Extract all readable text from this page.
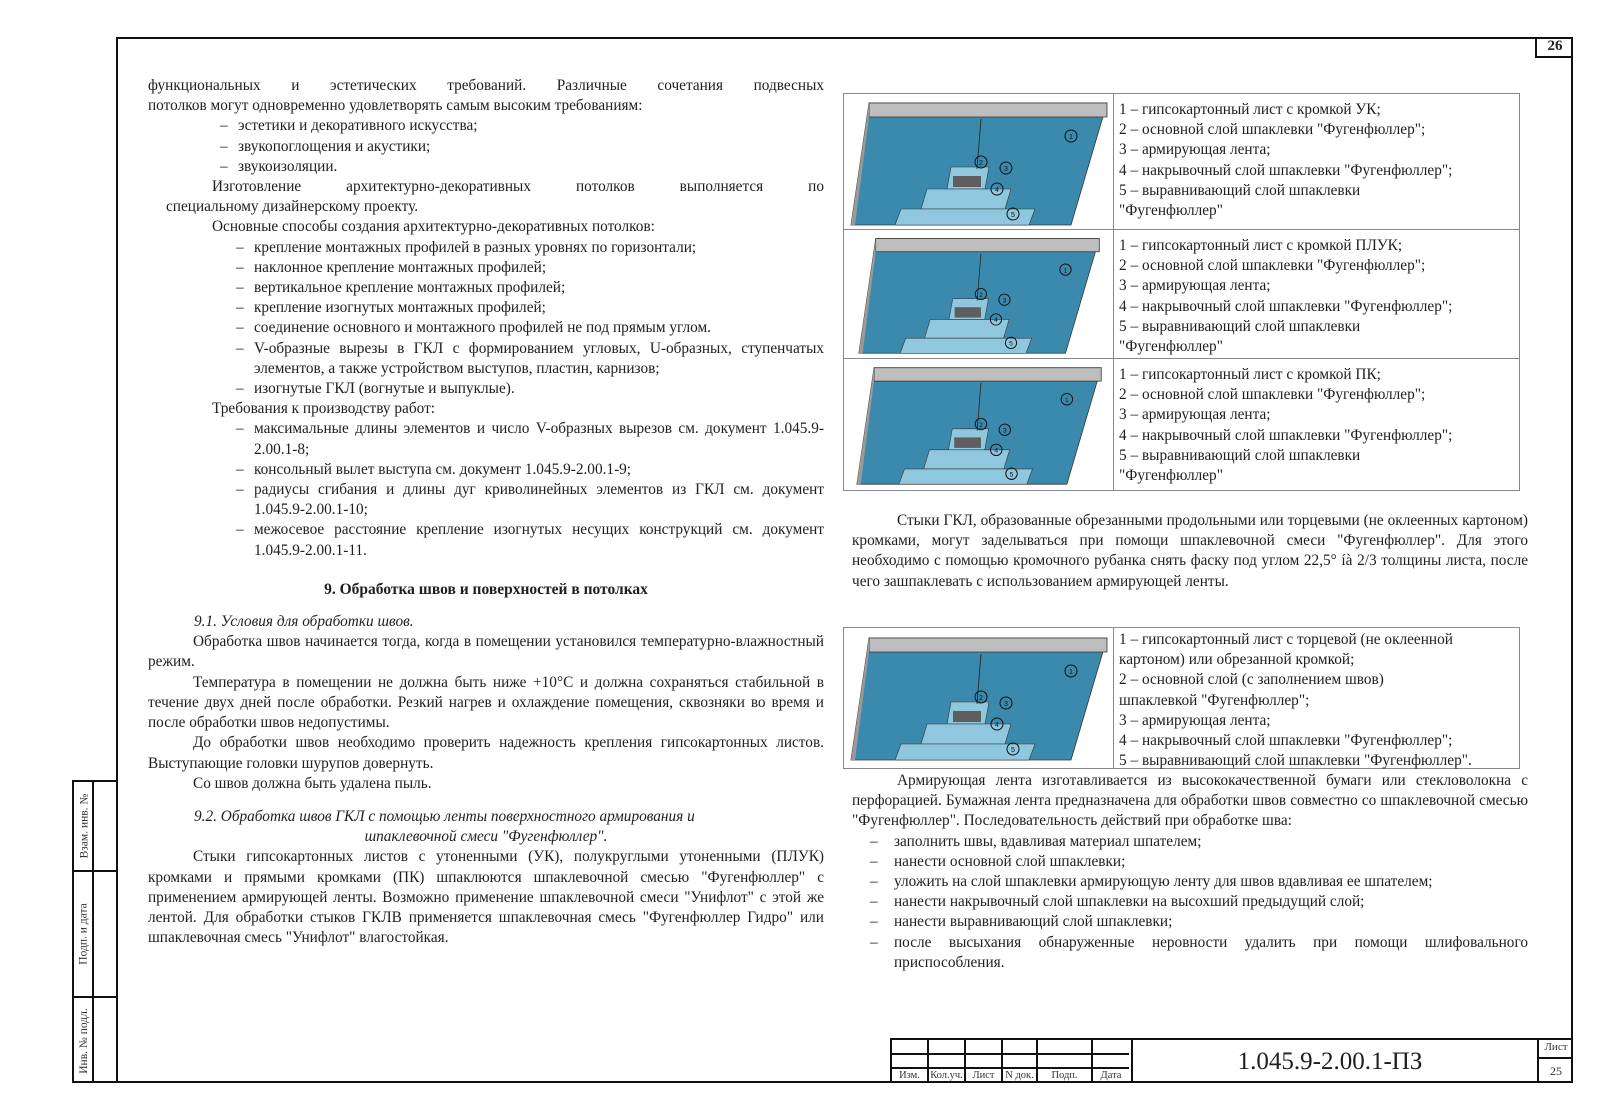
26
Взам. инв. №
Подп. и дата
Инв. № подл.

функциональных и эстетических требований. Различные сочетания подвесных

потолков могут одновременно удовлетворять самым высоким требованиям:

– эстетики и декоративного искусства;

– звукопоглощения и акустики;

– звукоизоляции.

Изготовление архитектурно-декоративных потолков выполняется по

специальному дизайнерскому проекту.

Основные способы создания архитектурно-декоративных потолков:

– крепление монтажных профилей в разных уровнях по горизонтали;

– наклонное крепление монтажных профилей;

– вертикальное крепление монтажных профилей;

– крепление изогнутых монтажных профилей;

– соединение основного и монтажного профилей не под прямым углом.

– V-образные вырезы в ГКЛ с формированием угловых, U-образных, ступенчатых элементов, а также устройством выступов, пластин, карнизов;

– изогнутые ГКЛ (вогнутые и выпуклые).

Требования к производству работ:

– максимальные длины элементов и число V-образных вырезов см. документ 1.045.9-2.00.1-8;

– консольный вылет выступа см. документ 1.045.9-2.00.1-9;

– радиусы сгибания и длины дуг криволинейных элементов из ГКЛ см. документ 1.045.9-2.00.1-10;

– межосевое расстояние крепление изогнутых несущих конструкций см. документ 1.045.9-2.00.1-11.

9. Обработка швов и поверхностей в потолках

9.1. Условия для обработки швов.

Обработка швов начинается тогда, когда в помещении установился температурно-влажностный режим.

Температура в помещении не должна быть ниже +10°С и должна сохраняться стабильной в течение двух дней после обработки. Резкий нагрев и охлаждение помещения, сквозняки во время и после обработки швов недопустимы.

До обработки швов необходимо проверить надежность крепления гипсокартонных листов. Выступающие головки шурупов довернуть.

Со швов должна быть удалена пыль.

9.2. Обработка швов ГКЛ с помощью ленты поверхностного армирования и

шпаклевочной смеси "Фугенфюллер".

Стыки гипсокартонных листов с утоненными (УК), полукруглыми утоненными (ПЛУК) кромками и прямыми кромками (ПК) шпаклюются шпаклевочной смесью "Фугенфюллер" с применением армирующей ленты. Возможно применение шпаклевочной смеси "Унифлот" с этой же лентой. Для обработки стыков ГКЛВ применяется шпаклевочная смесь "Фугенфюллер Гидро" или шпаклевочная смесь "Унифлот" влагостойкая.

1 – гипсокартонный лист с кромкой УК;

2 – основной слой шпаклевки "Фугенфюллер";

3 – армирующая лента;

4 – накрывочный слой шпаклевки "Фугенфюллер";

5 – выравнивающий слой шпаклевки

"Фугенфюллер"

1 – гипсокартонный лист с кромкой ПЛУК;

2 – основной слой шпаклевки "Фугенфюллер";

3 – армирующая лента;

4 – накрывочный слой шпаклевки "Фугенфюллер";

5 – выравнивающий слой шпаклевки

"Фугенфюллер"

1 – гипсокартонный лист с кромкой ПК;

2 – основной слой шпаклевки "Фугенфюллер";

3 – армирующая лента;

4 – накрывочный слой шпаклевки "Фугенфюллер";

5 – выравнивающий слой шпаклевки

"Фугенфюллер"

Стыки ГКЛ, образованные обрезанными продольными или торцевыми (не оклеенных картоном) кромками, могут заделываться при помощи шпаклевочной смеси "Фугенфюллер". Для этого необходимо с помощью кромочного рубанка снять фаску под углом 22,5° íà 2/3 толщины листа, после чего зашпаклевать с использованием армирующей ленты.

1 – гипсокартонный лист с торцевой (не оклеенной

картоном) или обрезанной кромкой;

2 – основной слой (с заполнением швов)

шпаклевкой "Фугенфюллер";

3 – армирующая лента;

4 – накрывочный слой шпаклевки "Фугенфюллер";

5 – выравнивающий слой шпаклевки "Фугенфюллер".

Армирующая лента изготавливается из высококачественной бумаги или стекловолокна с перфорацией. Бумажная лента предназначена для обработки швов совместно со шпаклевочной смесью "Фугенфюллер". Последовательность действий при обработке шва:

– заполнить швы, вдавливая материал шпателем;

– нанести основной слой шпаклевки;

– уложить на слой шпаклевки армирующую ленту для швов вдавливая ее шпателем;

– нанести накрывочный слой шпаклевки на высохший предыдущий слой;

– нанести выравнивающий слой шпаклевки;

– после высыхания обнаруженные неровности удалить при помощи шлифовального приспособления.

Изм. Кол.уч. Лист	N док.	Подп.	Дата
1.045.9-2.00.1-ПЗ
Лист
25
